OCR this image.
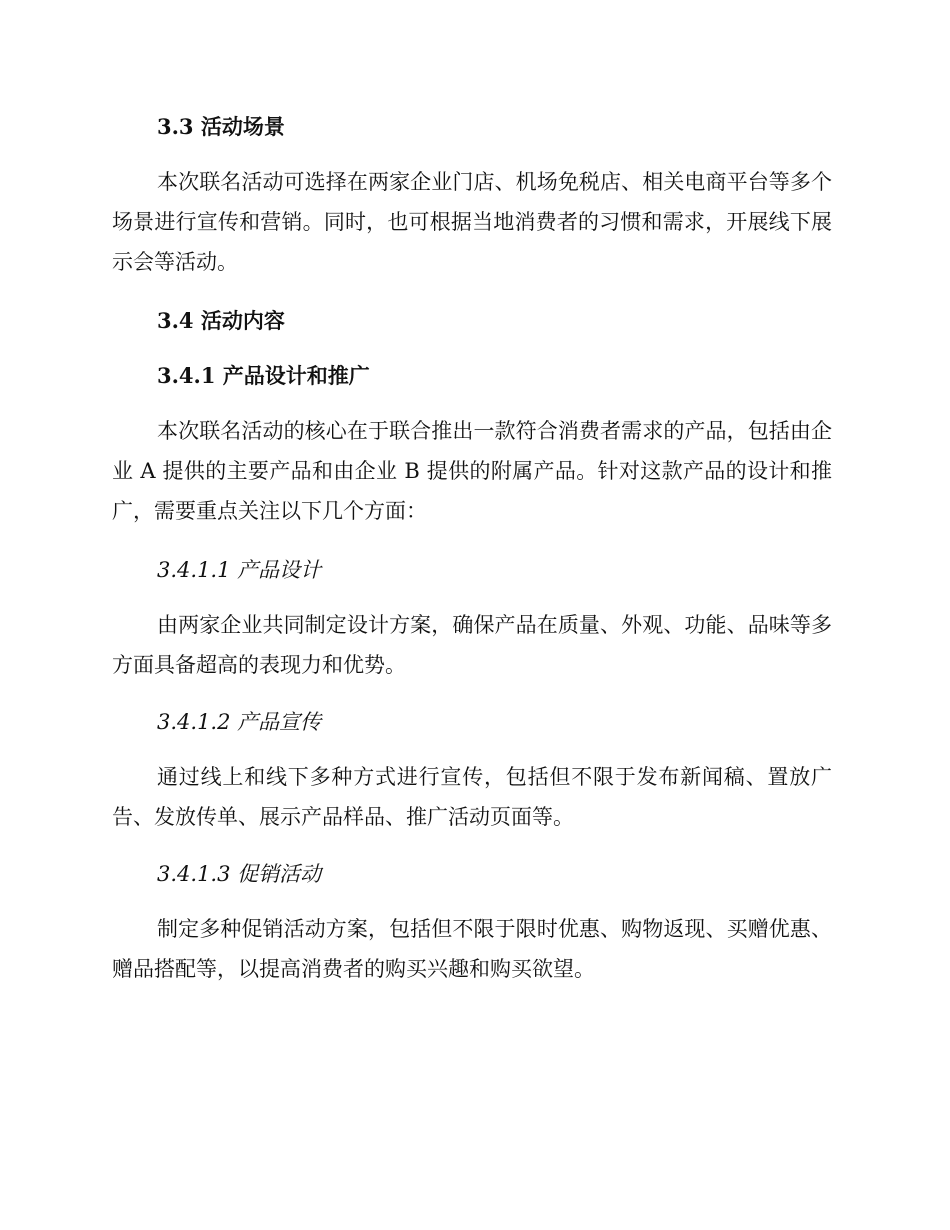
3.3 活动场景

本次联名活动可选择在两家企业门店、机场免税店、相关电商平台等多个场景进行宣传和营销。同时，也可根据当地消费者的习惯和需求，开展线下展示会等活动。

3.4 活动内容

3.4.1 产品设计和推广

本次联名活动的核心在于联合推出一款符合消费者需求的产品，包括由企业 A 提供的主要产品和由企业 B 提供的附属产品。针对这款产品的设计和推广，需要重点关注以下几个方面：

3.4.1.1 产品设计

由两家企业共同制定设计方案，确保产品在质量、外观、功能、品味等多方面具备超高的表现力和优势。

3.4.1.2 产品宣传

通过线上和线下多种方式进行宣传，包括但不限于发布新闻稿、置放广告、发放传单、展示产品样品、推广活动页面等。

3.4.1.3 促销活动

制定多种促销活动方案，包括但不限于限时优惠、购物返现、买赠优惠、赠品搭配等，以提高消费者的购买兴趣和购买欲望。
